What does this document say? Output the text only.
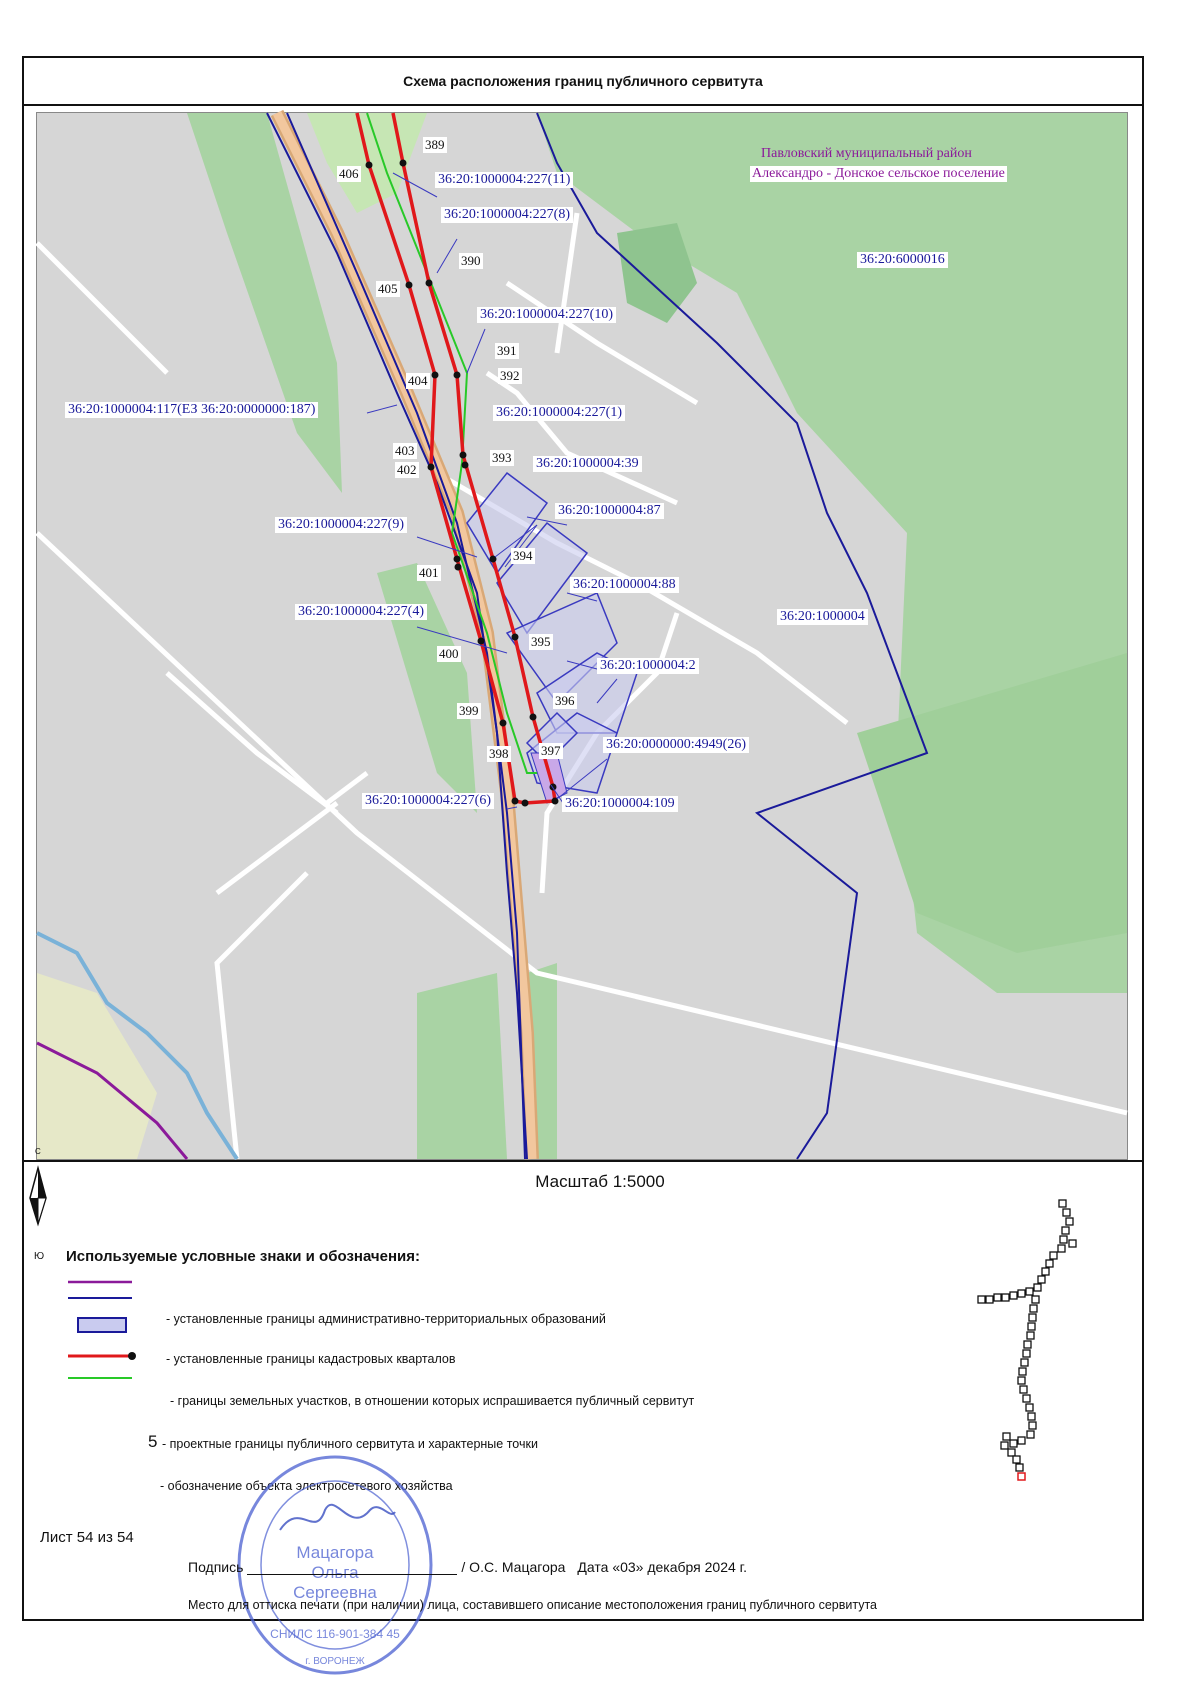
Схема расположения границ публичного сервитута
Павловский муниципальный район
Александро - Донское сельское поселение
36:20:6000016
36:20:1000004
36:20:1000004:227(11)
36:20:1000004:227(8)
36:20:1000004:227(10)
36:20:1000004:117(ЕЗ 36:20:0000000:187)	36:20:1000004:227(1)
36:20:1000004:39
36:20:1000004:87
36:20:1000004:227(9)
36:20:1000004:88
36:20:1000004:227(4)
36:20:1000004:2
36:20:0000000:4949(26)
36:20:1000004:227(6)	36:20:1000004:109
389
406
390
405
391
392
404
403
402
393
394
401
395
400
396
399
398	397
С
Ю
Масштаб 1:5000
Используемые условные знаки и обозначения:
- установленные границы административно-территориальных образований
- установленные границы кадастровых кварталов
- границы земельных участков, в отношении которых испрашивается публичный сервитут
5 - проектные границы публичного сервитута и характерные точки
- обозначение объекта электросетевого хозяйства
Лист 54 из 54
Мацагора
Ольга
Сергеевна
СНИЛС 116-901-384 45
г. ВОРОНЕЖ
Подпись	/ О.С. Мацагора Дата «03» декабря 2024 г.
Место для оттиска печати (при наличии) лица, составившего описание местоположения границ публичного сервитута
